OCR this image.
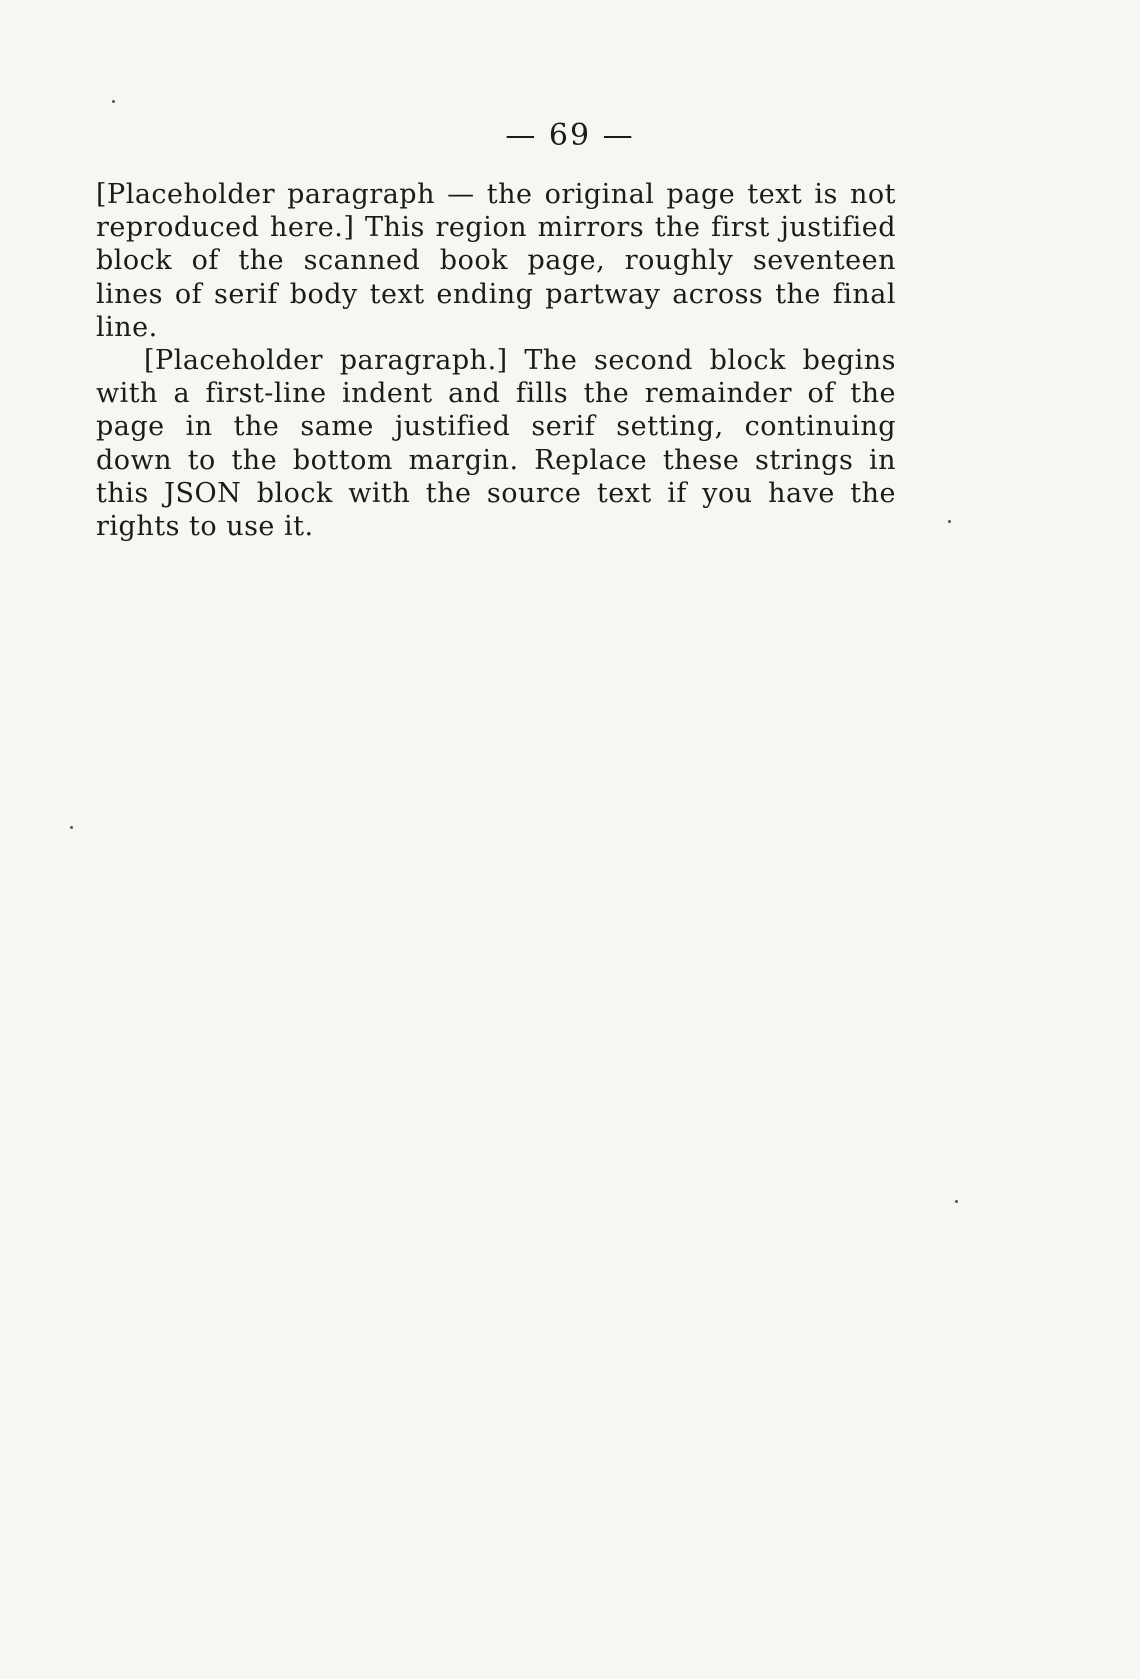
— 69 —

[Placeholder paragraph — the original page text is not reproduced here.] This region mirrors the first justified block of the scanned book page, roughly seventeen lines of serif body text ending partway across the final line.

[Placeholder paragraph.] The second block begins with a first-line indent and fills the remainder of the page in the same justified serif setting, continuing down to the bottom margin. Replace these strings in this JSON block with the source text if you have the rights to use it.
